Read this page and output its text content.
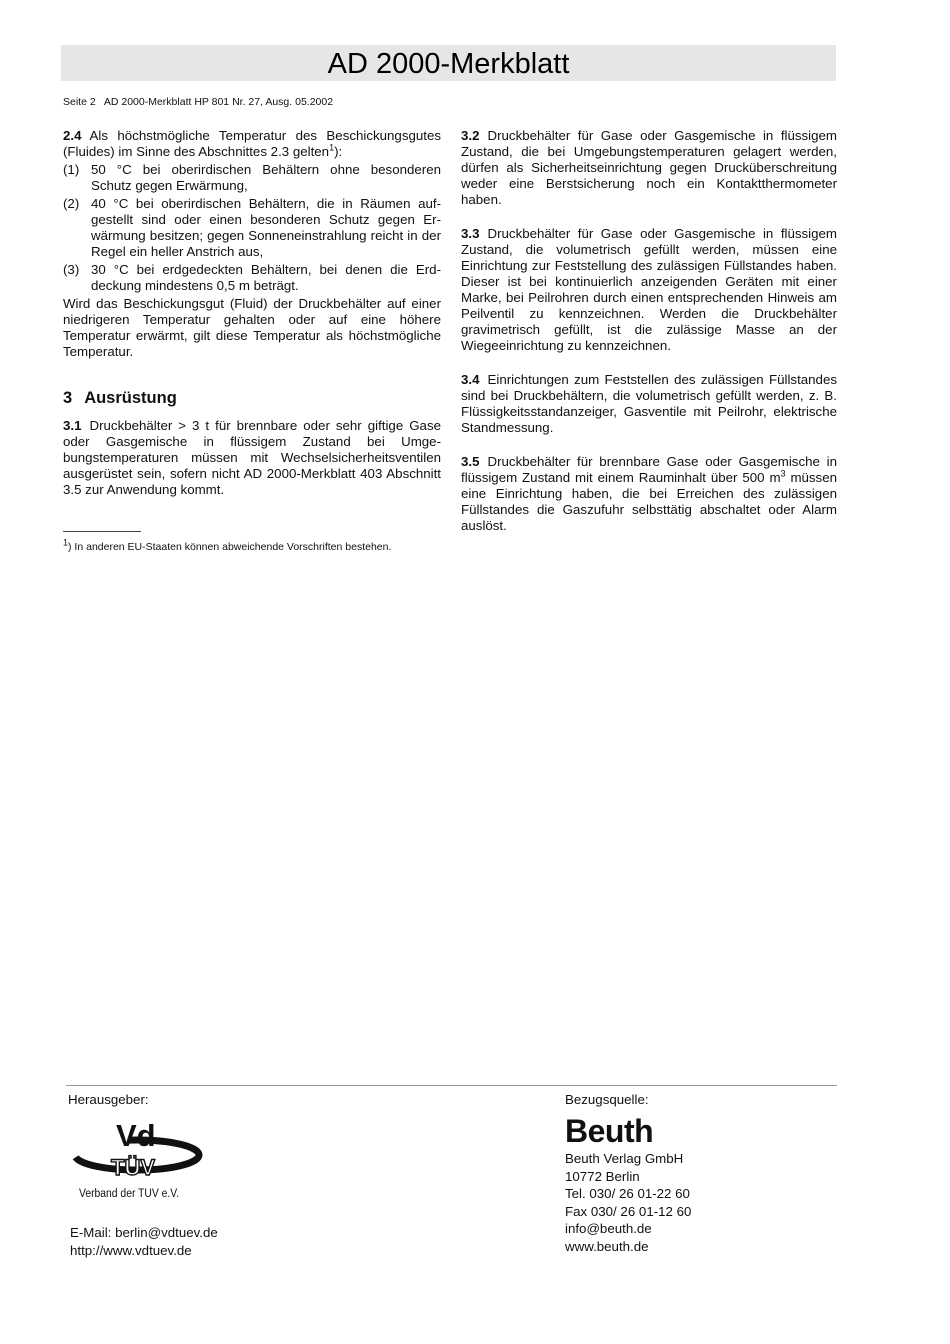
AD 2000-Merkblatt
Seite 2   AD 2000-Merkblatt HP 801 Nr. 27, Ausg. 05.2002

2.4 Als höchstmögliche Temperatur des Beschickungsgutes (Fluides) im Sinne des Abschnittes 2.3 gelten$^1$):

(1) 50 °C bei oberirdischen Behältern ohne besonderen Schutz gegen Erwärmung,
(2) 40 °C bei oberirdischen Behältern, die in Räumen aufgestellt sind oder einen besonderen Schutz gegen Erwärmung besitzen; gegen Sonneneinstrahlung reicht in der Regel ein heller Anstrich aus,
(3) 30 °C bei erdgedeckten Behältern, bei denen die Erddeckung mindestens 0,5 m beträgt.

Wird das Beschickungsgut (Fluid) der Druckbehälter auf einer niedrigeren Temperatur gehalten oder auf eine höhere Temperatur erwärmt, gilt diese Temperatur als höchstmögliche Temperatur.

3 Ausrüstung

3.1 Druckbehälter > 3 t für brennbare oder sehr giftige Gase oder Gasgemische in flüssigem Zustand bei Umgebungstemperaturen müssen mit Wechselsicherheitsventilen ausgerüstet sein, sofern nicht AD 2000-Merkblatt 403 Abschnitt 3.5 zur Anwendung kommt.

$^1$) In anderen EU-Staaten können abweichende Vorschriften bestehen.

3.2 Druckbehälter für Gase oder Gasgemische in flüssigem Zustand, die bei Umgebungstemperaturen gelagert werden, dürfen als Sicherheitseinrichtung gegen Drucküberschreitung weder eine Berstsicherung noch ein Kontaktthermometer haben.

3.3 Druckbehälter für Gase oder Gasgemische in flüssigem Zustand, die volumetrisch gefüllt werden, müssen eine Einrichtung zur Feststellung des zulässigen Füllstandes haben. Dieser ist bei kontinuierlich anzeigenden Geräten mit einer Marke, bei Peilrohren durch einen entsprechenden Hinweis am Peilventil zu kennzeichnen. Werden die Druckbehälter gravimetrisch gefüllt, ist die zulässige Masse an der Wiegeeinrichtung zu kennzeichnen.

3.4 Einrichtungen zum Feststellen des zulässigen Füllstandes sind bei Druckbehältern, die volumetrisch gefüllt werden, z. B. Flüssigkeitsstandanzeiger, Gasventile mit Peilrohr, elektrische Standmessung.

3.5 Druckbehälter für brennbare Gase oder Gasgemische in flüssigem Zustand mit einem Rauminhalt über 500 $m^3$ müssen eine Einrichtung haben, die bei Erreichen des zulässigen Füllstandes die Gaszufuhr selbsttätig abschaltet oder Alarm auslöst.

Herausgeber:
Vd
TÜV
Verband der TÜV e.V.
E-Mail: berlin@vdtuev.de
http://www.vdtuev.de
Bezugsquelle:
Beuth
Beuth Verlag GmbH
10772 Berlin
Tel. 030/ 26 01-22 60
Fax 030/ 26 01-12 60
info@beuth.de
www.beuth.de
